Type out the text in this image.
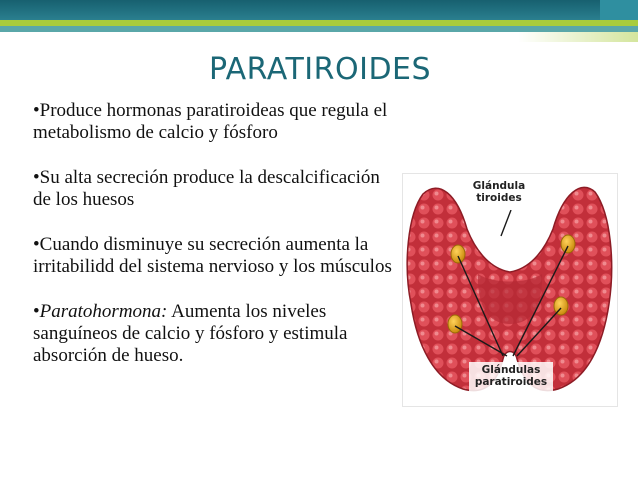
PARATIROIDES

•Produce hormonas paratiroideas que regula el metabolismo de calcio y fósforo

•Su alta secreción produce la descalcificación de los huesos

•Cuando disminuye su secreción aumenta la irritabilidd del sistema nervioso y los músculos

•Paratohormona: Aumenta los niveles sanguíneos de calcio y fósforo y estimula absorción de hueso.

Glándula
tiroides
Glándulas
paratiroides
